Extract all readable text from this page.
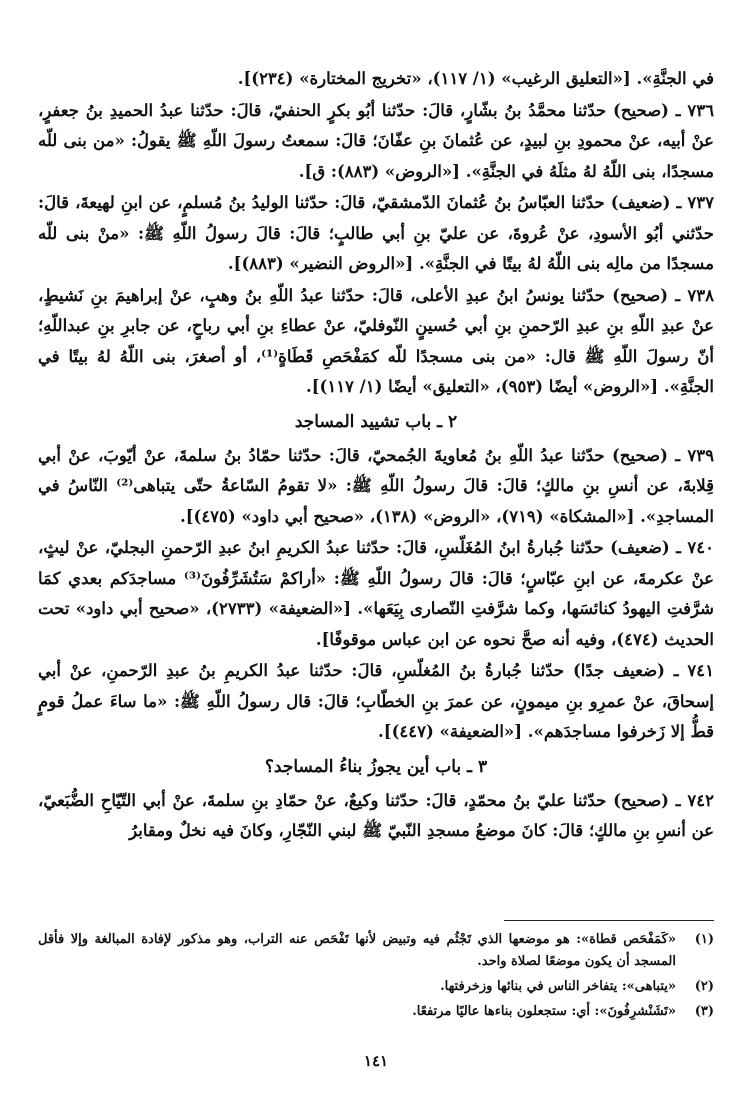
في الجنَّةِ». [«التعليق الرغيب» (١/ ١١٧)، «تخريج المختارة» (٢٣٤)].

٧٣٦ ـ (صحيح) حدّثنا محمَّدُ بنُ بشّارٍ، قالَ: حدّثنا أبُو بكرٍ الحنفيّ، قالَ: حدّثنا عبدُ الحميدِ بنُ جعفرٍ، عنْ أبيه، عنْ محمودِ بنِ لبيدٍ، عن عُثمانَ بنِ عفّانَ؛ قالَ: سمعتُ رسولَ اللّهِ ﷺ يقولُ: «من بنى للّه مسجدًا، بنى اللّهُ لهُ مثلَهُ في الجنَّةِ». [«الروض» (٨٨٣): ق].

٧٣٧ ـ (ضعيف) حدّثنا العبّاسُ بنُ عُثمانَ الدّمشقيّ، قالَ: حدّثنا الوليدُ بنُ مُسلمٍ، عن ابنِ لهيعةَ، قالَ: حدّثني أبُو الأسودِ، عنْ عُروةَ، عن عليّ بنِ أبي طالبٍ؛ قالَ: قالَ رسولُ اللّهِ ﷺ: «منْ بنى للّه مسجدًا من مالِه بنى اللّهُ لهُ بيتًا في الجنَّةِ». [«الروض النضير» (٨٨٣)].

٧٣٨ ـ (صحيح) حدّثنا يونسُ ابنُ عبدِ الأعلى، قالَ: حدّثنا عبدُ اللّهِ بنُ وهبٍ، عنْ إبراهيمَ بنِ نَشيطٍ، عنْ عبدِ اللّهِ بنِ عبدِ الرّحمنِ بنِ أبي حُسينٍ النّوفليّ، عنْ عطاءِ بنِ أبي رباحٍ، عن جابرِ بنِ عبداللّهِ؛ أنّ رسولَ اللّهِ ﷺ قال: «من بنى مسجدًا للّه كمَفْحَصِ قَطَاةٍ⁽¹⁾، أو أصغرَ، بنى اللّهُ لهُ بيتًا في الجنَّةِ». [«الروض» أيضًا (٩٥٣)، «التعليق» أيضًا (١/ ١١٧)].

٢ ـ باب تشييد المساجد

٧٣٩ ـ (صحيح) حدّثنا عبدُ اللّهِ بنُ مُعاويةَ الجُمحيّ، قالَ: حدّثنا حمّادُ بنُ سلمةَ، عنْ أيّوبَ، عنْ أبي قِلابةَ، عن أنسِ بنِ مالكٍ؛ قالَ: قالَ رسولُ اللّهِ ﷺ: «لا تقومُ السّاعةُ حتّى يتباهى⁽²⁾ النّاسُ في المساجدِ». [«المشكاة» (٧١٩)، «الروض» (١٣٨)، «صحيح أبي داود» (٤٧٥)].

٧٤٠ ـ (ضعيف) حدّثنا جُبارةُ ابنُ المُغَلّسِ، قالَ: حدّثنا عبدُ الكريمِ ابنُ عبدِ الرّحمنِ البجليّ، عنْ ليثٍ، عنْ عكرمةَ، عن ابنِ عبّاسٍ؛ قالَ: قالَ رسولُ اللّهِ ﷺ: «أراكمْ سَتُشَرِّفُونَ⁽³⁾ مساجدَكم بعدي كمَا شرَّفتِ اليهودُ كنائسَها، وكما شرَّفتِ النّصارى بِيَعَها». [«الضعيفة» (٢٧٣٣)، «صحيح أبي داود» تحت الحديث (٤٧٤)، وفيه أنه صحَّ نحوه عن ابن عباس موقوفًا].

٧٤١ ـ (ضعيف جدًا) حدّثنا جُبارةُ بنُ المُغلّسِ، قالَ: حدّثنا عبدُ الكريمِ بنُ عبدِ الرّحمنِ، عنْ أبي إسحاقَ، عنْ عمرِو بنِ ميمونٍ، عن عمرَ بنِ الخطّابِ؛ قالَ: قال رسولُ اللّهِ ﷺ: «ما ساءَ عملُ قومٍ قطُّ إلا زَخرفوا مساجدَهم». [«الضعيفة» (٤٤٧)].

٣ ـ باب أين يجوزُ بناءُ المساجد؟

٧٤٢ ـ (صحيح) حدّثنا عليّ بنُ محمّدٍ، قالَ: حدّثنا وكيعٌ، عنْ حمّادِ بنِ سلمةَ، عنْ أبي التّيّاحِ الضُّبَعيّ، عن أنسِ بنِ مالكٍ؛ قالَ: كانَ موضعُ مسجدِ النّبيّ ﷺ لبني النّجّارِ، وكانَ فيه نخلٌ ومقابرُ

(١)
«كَمَفْحَص قطاة»: هو موضعها الذي تَجْثُم فيه وتبيض لأنها تَفْحَص عنه التراب، وهو مذكور لإفادة المبالغة وإلا فأقل المسجد أن يكون موضعًا لصلاة واحد.
(٢)
«يتباهى»: يتفاخر الناس في بنائها وزخرفتها.
(٣)
«تَشَنْشرِفُونَ»: أي: ستجعلون بناءها عاليًا مرتفعًا.
١٤١
